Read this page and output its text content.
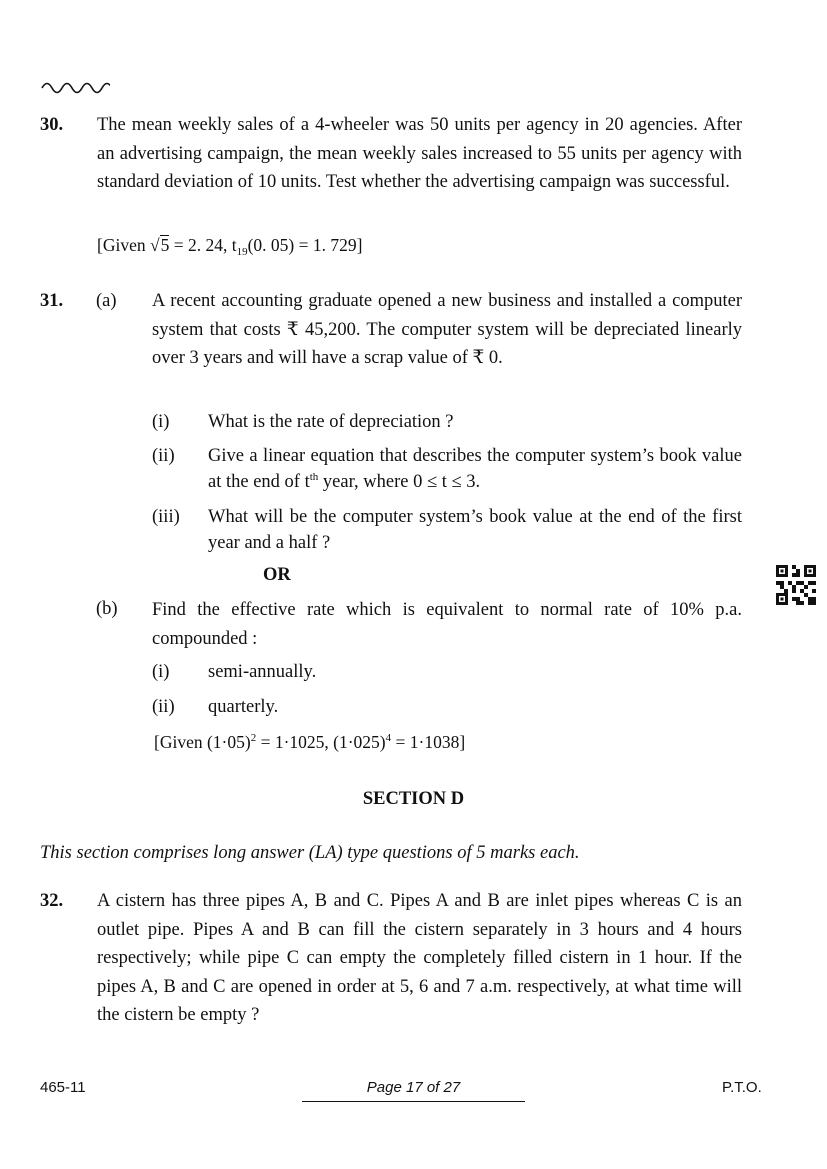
30. The mean weekly sales of a 4-wheeler was 50 units per agency in 20 agencies. After an advertising campaign, the mean weekly sales increased to 55 units per agency with standard deviation of 10 units. Test whether the advertising campaign was successful.
[Given √5 = 2. 24, $t_{19}(0$. 05) = 1. 729]
31. (a) A recent accounting graduate opened a new business and installed a computer system that costs ₹ 45,200. The computer system will be depreciated linearly over 3 years and will have a scrap value of ₹ 0.
(i) What is the rate of depreciation ?
(ii) Give a linear equation that describes the computer system’s book value at the end of $t^{th}$ year, where 0 ≤ t ≤ 3.
(iii) What will be the computer system’s book value at the end of the first year and a half ?
OR
(b) Find the effective rate which is equivalent to normal rate of 10% p.a. compounded :
(i) semi-annually.
(ii) quarterly.
[Given $(1\cdot 05)^2 = 1\cdot 1025$, $(1\cdot 025)^4 = 1\cdot 1038$]
SECTION D
This section comprises long answer (LA) type questions of 5 marks each.
32. A cistern has three pipes A, B and C. Pipes A and B are inlet pipes whereas C is an outlet pipe. Pipes A and B can fill the cistern separately in 3 hours and 4 hours respectively; while pipe C can empty the completely filled cistern in 1 hour. If the pipes A, B and C are opened in order at 5, 6 and 7 a.m. respectively, at what time will the cistern be empty ?
465-11	Page 17 of 27	P.T.O.
